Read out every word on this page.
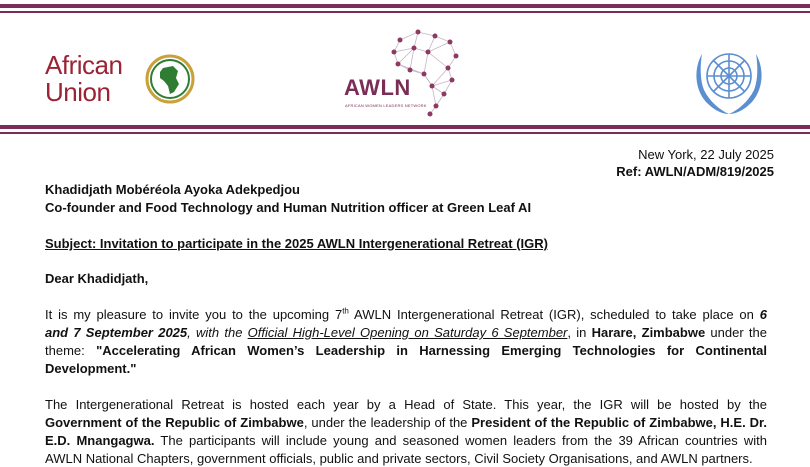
African
Union	AWLN
AFRICAN WOMEN LEADERS NETWORK
New York, 22 July 2025
Ref: AWLN/ADM/819/2025
Khadidjath Mobéréola Ayoka Adekpedjou
Co-founder and Food Technology and Human Nutrition officer at Green Leaf AI
Subject: Invitation to participate in the 2025 AWLN Intergenerational Retreat (IGR)
Dear Khadidjath,
It is my pleasure to invite you to the upcoming 7th AWLN Intergenerational Retreat (IGR), scheduled to take place on 6
and 7 September 2025, with the Official High-Level Opening on Saturday 6 September, in Harare, Zimbabwe under the
theme: "Accelerating African Women’s Leadership in Harnessing Emerging Technologies for Continental
Development."
The Intergenerational Retreat is hosted each year by a Head of State. This year, the IGR will be hosted by the
Government of the Republic of Zimbabwe, under the leadership of the President of the Republic of Zimbabwe, H.E. Dr.
E.D. Mnangagwa. The participants will include young and seasoned women leaders from the 39 African countries with
AWLN National Chapters, government officials, public and private sectors, Civil Society Organisations, and AWLN partners.
